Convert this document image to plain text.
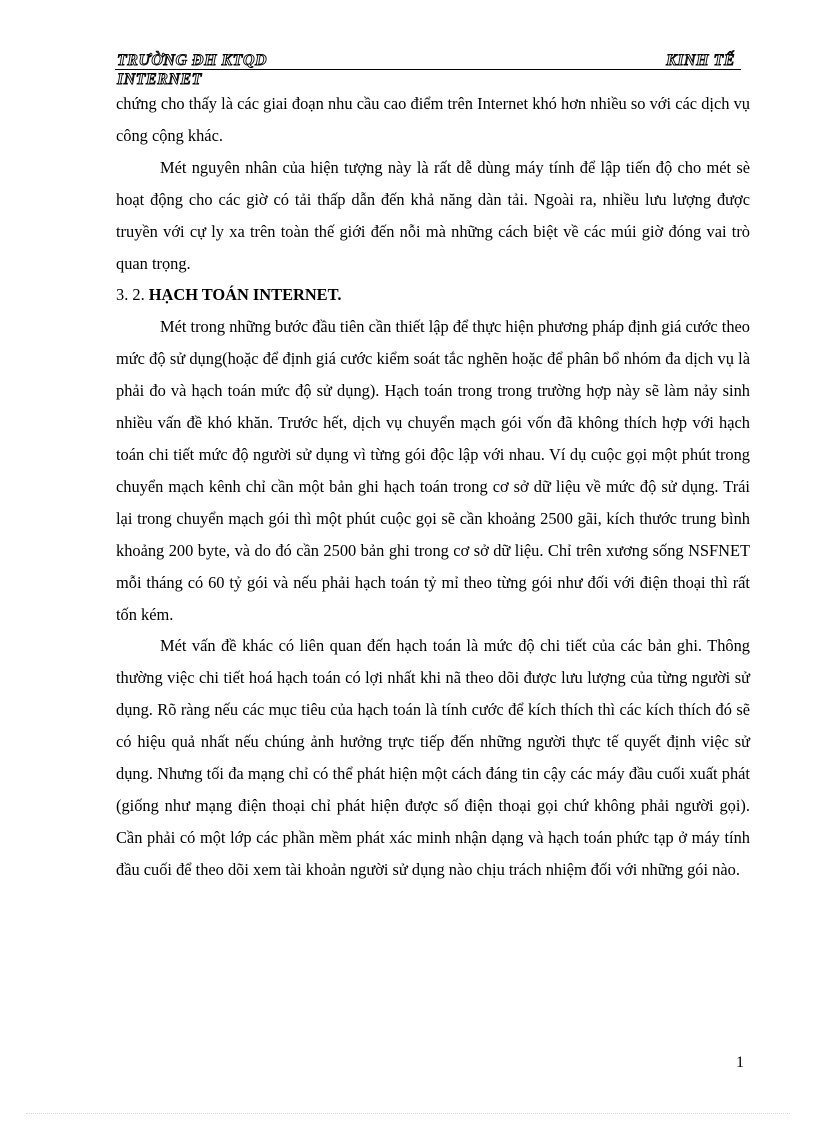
TRƯỜNG ĐH KTQD	KINH TẾ
INTERNET

chứng cho thấy là các giai đoạn nhu cầu cao điểm trên Internet khó hơn nhiều so với các dịch vụ công cộng khác.

Mét nguyên nhân của hiện tượng này là rất dễ dùng máy tính để lập tiến độ cho mét sè hoạt động cho các giờ có tải thấp dẫn đến khả năng dàn tải. Ngoài ra, nhiều lưu lượng được truyền với cự ly xa trên toàn thế giới đến nỗi mà những cách biệt về các múi giờ đóng vai trò quan trọng.

3. 2. HẠCH TOÁN INTERNET.

Mét trong những bước đầu tiên cần thiết lập để thực hiện phương pháp định giá cước theo mức độ sử dụng(hoặc để định giá cước kiểm soát tắc nghẽn hoặc để phân bổ nhóm đa dịch vụ là phải đo và hạch toán mức độ sử dụng). Hạch toán trong trong trường hợp này sẽ làm nảy sinh nhiều vấn đề khó khăn. Trước hết, dịch vụ chuyển mạch gói vốn đã không thích hợp với hạch toán chi tiết mức độ người sử dụng vì từng gói độc lập với nhau. Ví dụ cuộc gọi một phút trong chuyển mạch kênh chỉ cần một bản ghi hạch toán trong cơ sở dữ liệu về mức độ sử dụng. Trái lại trong chuyển mạch gói thì một phút cuộc gọi sẽ cần khoảng 2500 gãi, kích thước trung bình khoảng 200 byte, và do đó cần 2500 bản ghi trong cơ sở dữ liệu. Chỉ trên xương sống NSFNET mỗi tháng có 60 tỷ gói và nếu phải hạch toán tỷ mỉ theo từng gói như đối với điện thoại thì rất tốn kém.

Mét vấn đề khác có liên quan đến hạch toán là mức độ chi tiết của các bản ghi. Thông thường việc chi tiết hoá hạch toán có lợi nhất khi nã theo dõi được lưu lượng của từng người sử dụng. Rõ ràng nếu các mục tiêu của hạch toán là tính cước để kích thích thì các kích thích đó sẽ có hiệu quả nhất nếu chúng ảnh hưởng trực tiếp đến những người thực tế quyết định việc sử dụng. Nhưng tối đa mạng chỉ có thể phát hiện một cách đáng tin cậy các máy đầu cuối xuất phát (giống như mạng điện thoại chỉ phát hiện được số điện thoại gọi chứ không phải người gọi). Cần phải có một lớp các phần mềm phát xác minh nhận dạng và hạch toán phức tạp ở máy tính đầu cuối để theo dõi xem tài khoản người sử dụng nào chịu trách nhiệm đối với những gói nào.

1
